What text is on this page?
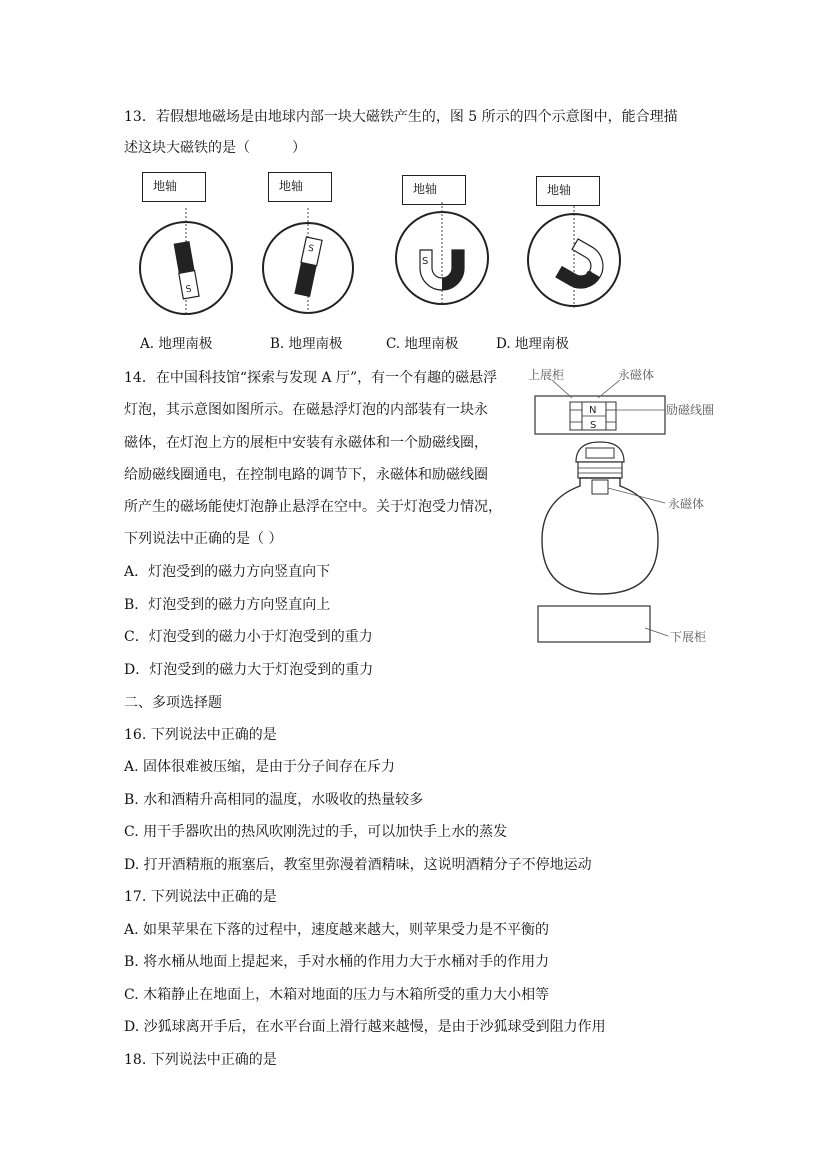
13．若假想地磁场是由地球内部一块大磁铁产生的，图 5 所示的四个示意图中，能合理描
述这块大磁铁的是（　　　）
地轴	地轴	地轴	地轴
S
S
S
S
A. 地理南极	B. 地理南极	C. 地理南极	D. 地理南极
14．在中国科技馆“探索与发现 A 厅”，有一个有趣的磁悬浮
灯泡，其示意图如图所示。在磁悬浮灯泡的内部装有一块永
磁体，在灯泡上方的展柜中安装有永磁体和一个励磁线圈，
给励磁线圈通电，在控制电路的调节下，永磁体和励磁线圈
所产生的磁场能使灯泡静止悬浮在空中。关于灯泡受力情况，
下列说法中正确的是（ ）
A．灯泡受到的磁力方向竖直向下
B．灯泡受到的磁力方向竖直向上
C．灯泡受到的磁力小于灯泡受到的重力
D．灯泡受到的磁力大于灯泡受到的重力
N
S
上展柜	永磁体
励磁线圈
永磁体
下展柜
二、多项选择题
16. 下列说法中正确的是
A. 固体很难被压缩，是由于分子间存在斥力
B. 水和酒精升高相同的温度，水吸收的热量较多
C. 用干手器吹出的热风吹刚洗过的手，可以加快手上水的蒸发
D. 打开酒精瓶的瓶塞后，教室里弥漫着酒精味，这说明酒精分子不停地运动
17. 下列说法中正确的是
A. 如果苹果在下落的过程中，速度越来越大，则苹果受力是不平衡的
B. 将水桶从地面上提起来，手对水桶的作用力大于水桶对手的作用力
C. 木箱静止在地面上，木箱对地面的压力与木箱所受的重力大小相等
D. 沙狐球离开手后，在水平台面上滑行越来越慢，是由于沙狐球受到阻力作用
18. 下列说法中正确的是
